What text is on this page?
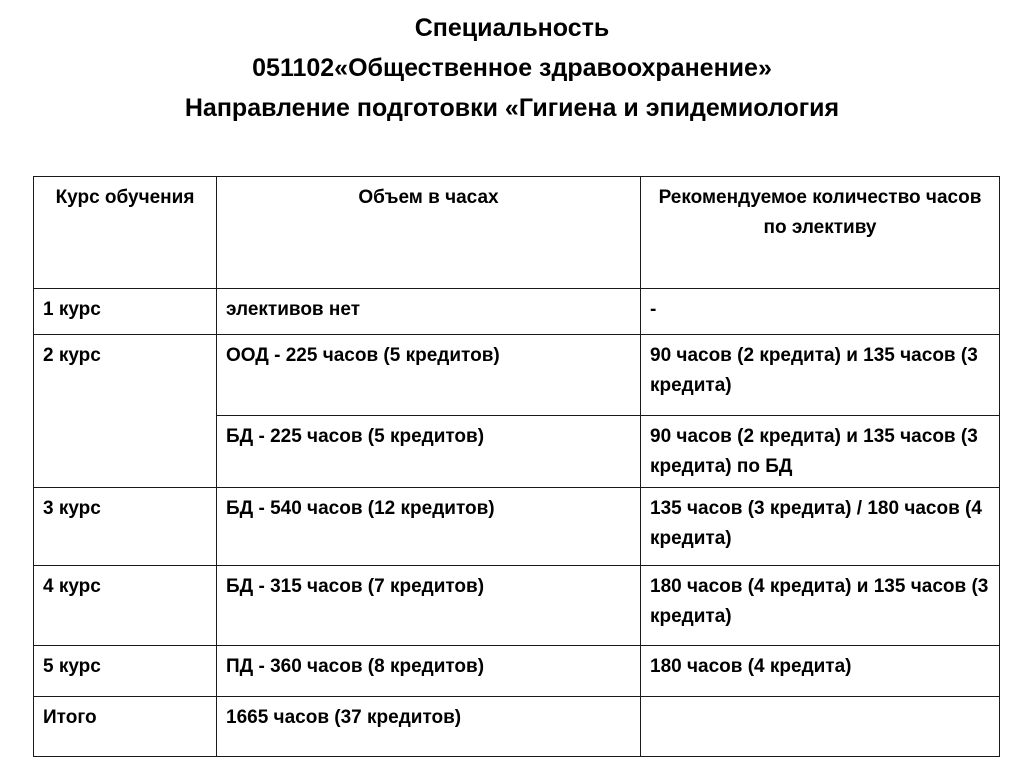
Специальность
051102«Общественное здравоохранение»
Направление подготовки «Гигиена и эпидемиология
Курс обучения	Объем в часах	Рекомендуемое количество часов по элективу
1 курс	элективов нет	-
2 курс	ООД - 225 часов (5 кредитов)	90 часов (2 кредита) и 135 часов (3 кредита)
	БД - 225 часов (5 кредитов)	90 часов (2 кредита) и 135 часов (3 кредита) по БД
3 курс	БД - 540 часов (12 кредитов)	135 часов (3 кредита) / 180 часов (4 кредита)
4 курс	БД - 315 часов (7 кредитов)	180 часов (4 кредита) и 135 часов (3 кредита)
5 курс	ПД - 360 часов (8 кредитов)	180 часов (4 кредита)
Итого	1665 часов (37 кредитов)	
